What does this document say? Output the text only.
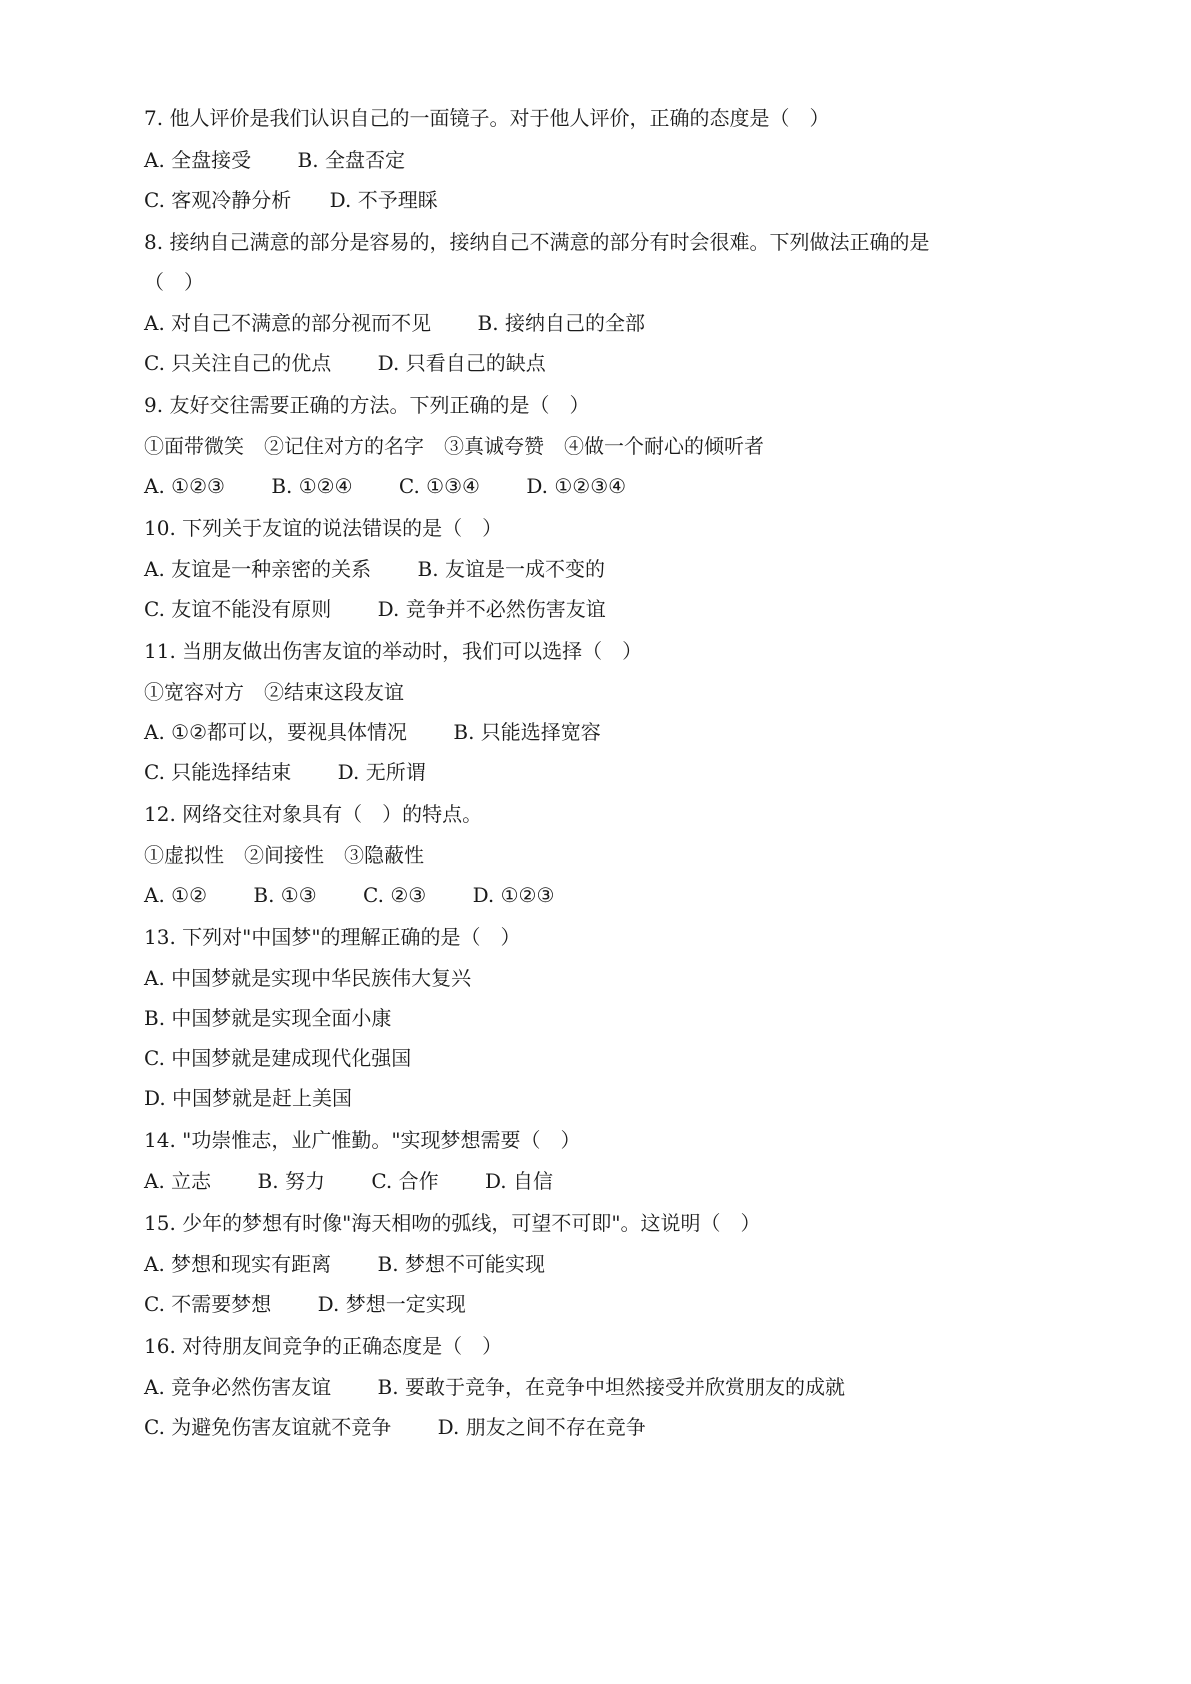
7. 他人评价是我们认识自己的一面镜子。对于他人评价，正确的态度是（　）
A. 全盘接受 B. 全盘否定
C. 客观冷静分析 D. 不予理睬
8. 接纳自己满意的部分是容易的，接纳自己不满意的部分有时会很难。下列做法正确的是
（　）
A. 对自己不满意的部分视而不见 B. 接纳自己的全部
C. 只关注自己的优点 D. 只看自己的缺点
9. 友好交往需要正确的方法。下列正确的是（　）
①面带微笑　②记住对方的名字　③真诚夸赞　④做一个耐心的倾听者
A. ①②③ B. ①②④ C. ①③④ D. ①②③④
10. 下列关于友谊的说法错误的是（　）
A. 友谊是一种亲密的关系 B. 友谊是一成不变的
C. 友谊不能没有原则 D. 竞争并不必然伤害友谊
11. 当朋友做出伤害友谊的举动时，我们可以选择（　）
①宽容对方　②结束这段友谊
A. ①②都可以，要视具体情况 B. 只能选择宽容
C. 只能选择结束 D. 无所谓
12. 网络交往对象具有（　）的特点。
①虚拟性　②间接性　③隐蔽性
A. ①② B. ①③ C. ②③ D. ①②③
13. 下列对"中国梦"的理解正确的是（　）
A. 中国梦就是实现中华民族伟大复兴
B. 中国梦就是实现全面小康
C. 中国梦就是建成现代化强国
D. 中国梦就是赶上美国
14. "功崇惟志，业广惟勤。"实现梦想需要（　）
A. 立志 B. 努力 C. 合作 D. 自信
15. 少年的梦想有时像"海天相吻的弧线，可望不可即"。这说明（　）
A. 梦想和现实有距离 B. 梦想不可能实现
C. 不需要梦想 D. 梦想一定实现
16. 对待朋友间竞争的正确态度是（　）
A. 竞争必然伤害友谊 B. 要敢于竞争，在竞争中坦然接受并欣赏朋友的成就
C. 为避免伤害友谊就不竞争 D. 朋友之间不存在竞争
